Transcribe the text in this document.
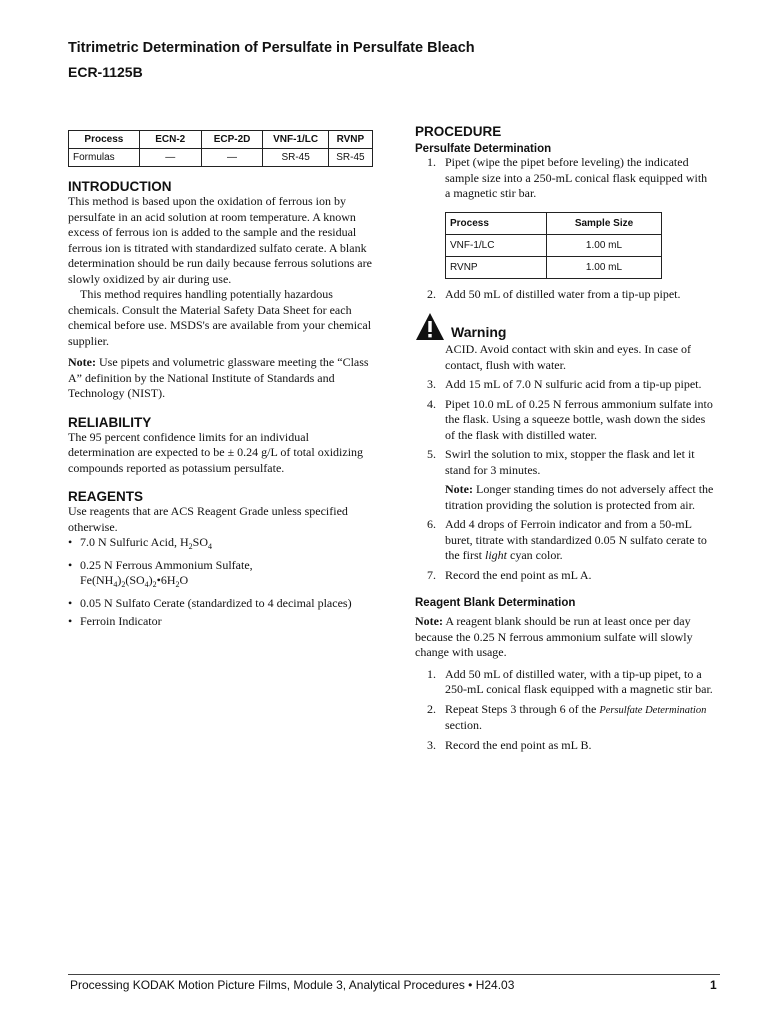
Titrimetric Determination of Persulfate in Persulfate Bleach
ECR-1125B
Process	ECN-2	ECP-2D	VNF-1/LC	RVNP
Formulas	—	—	SR-45	SR-45
INTRODUCTION

This method is based upon the oxidation of ferrous ion by persulfate in an acid solution at room temperature. A known excess of ferrous ion is added to the sample and the residual ferrous ion is titrated with standardized sulfato cerate. A blank determination should be run daily because ferrous solutions are slowly oxidized by air during use.

This method requires handling potentially hazardous chemicals. Consult the Material Safety Data Sheet for each chemical before use. MSDS's are available from your chemical supplier.

Note: Use pipets and volumetric glassware meeting the “Class A” definition by the National Institute of Standards and Technology (NIST).

RELIABILITY

The 95 percent confidence limits for an individual determination are expected to be ± 0.24 g/L of total oxidizing compounds reported as potassium persulfate.

REAGENTS

Use reagents that are ACS Reagent Grade unless specified otherwise.

• 7.0 N Sulfuric Acid, $H_2SO_4$
• 0.25 N Ferrous Ammonium Sulfate,
$Fe(NH_4)_2(SO_4)_2•6H_2O$
• 0.05 N Sulfato Cerate (standardized to 4 decimal places)
• Ferroin Indicator
PROCEDURE
Persulfate Determination
1. Pipet (wipe the pipet before leveling) the indicated sample size into a 250-mL conical flask equipped with a magnetic stir bar.
Process	Sample Size
VNF-1/LC	1.00 mL
RVNP	1.00 mL
2. Add 50 mL of distilled water from a tip-up pipet.
Warning

ACID. Avoid contact with skin and eyes. In case of contact, flush with water.

3. Add 15 mL of 7.0 N sulfuric acid from a tip-up pipet.
4. Pipet 10.0 mL of 0.25 N ferrous ammonium sulfate into the flask. Using a squeeze bottle, wash down the sides of the flask with distilled water.
5. Swirl the solution to mix, stopper the flask and let it stand for 3 minutes.
Note: Longer standing times do not adversely affect the titration providing the solution is protected from air.
6. Add 4 drops of Ferroin indicator and from a 50-mL buret, titrate with standardized 0.05 N sulfato cerate to the first light cyan color.
7. Record the end point as mL A.
Reagent Blank Determination

Note: A reagent blank should be run at least once per day because the 0.25 N ferrous ammonium sulfate will slowly change with usage.

1. Add 50 mL of distilled water, with a tip-up pipet, to a 250-mL conical flask equipped with a magnetic stir bar.
2. Repeat Steps 3 through 6 of the Persulfate Determination section.
3. Record the end point as mL B.
Processing KODAK Motion Picture Films, Module 3, Analytical Procedures • H24.03	1
